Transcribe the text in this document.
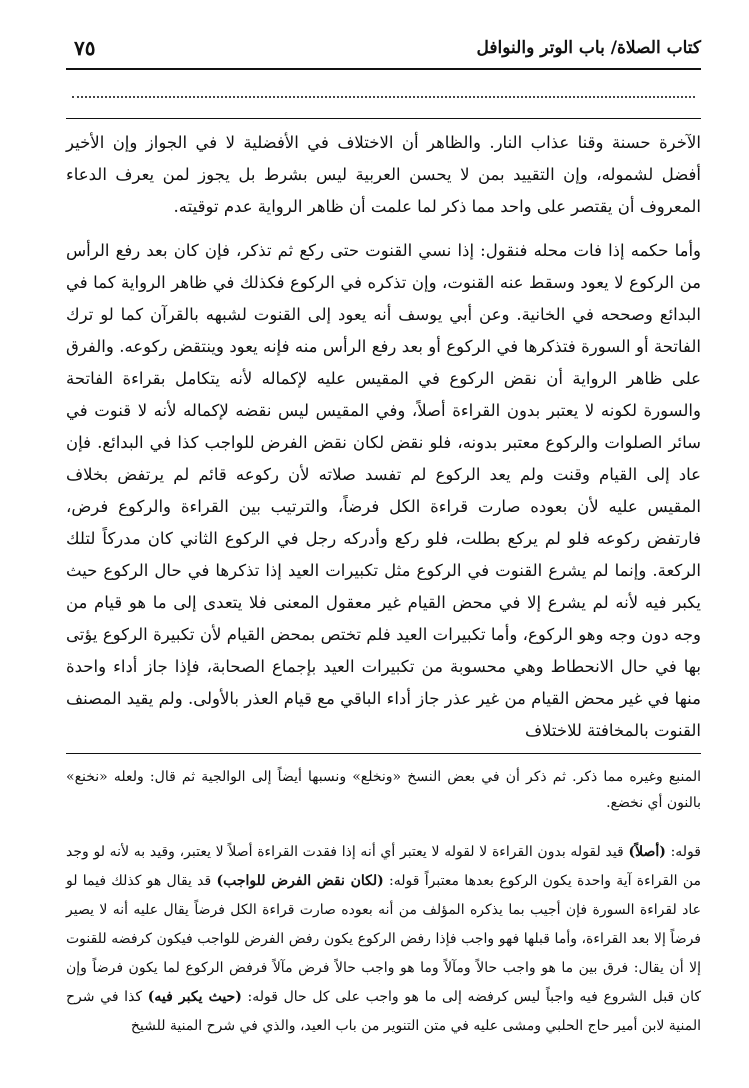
كتاب الصلاة/ باب الوتر والنوافل
٧٥

الآخرة حسنة وقنا عذاب النار. والظاهر أن الاختلاف في الأفضلية لا في الجواز وإن الأخير أفضل لشموله، وإن التقييد بمن لا يحسن العربية ليس بشرط بل يجوز لمن يعرف الدعاء المعروف أن يقتصر على واحد مما ذكر لما علمت أن ظاهر الرواية عدم توقيته.

وأما حكمه إذا فات محله فنقول: إذا نسي القنوت حتى ركع ثم تذكر، فإن كان بعد رفع الرأس من الركوع لا يعود وسقط عنه القنوت، وإن تذكره في الركوع فكذلك في ظاهر الرواية كما في البدائع وصححه في الخانية. وعن أبي يوسف أنه يعود إلى القنوت لشبهه بالقرآن كما لو ترك الفاتحة أو السورة فتذكرها في الركوع أو بعد رفع الرأس منه فإنه يعود وينتقض ركوعه. والفرق على ظاهر الرواية أن نقض الركوع في المقيس عليه لإكماله لأنه يتكامل بقراءة الفاتحة والسورة لكونه لا يعتبر بدون القراءة أصلاً، وفي المقيس ليس نقضه لإكماله لأنه لا قنوت في سائر الصلوات والركوع معتبر بدونه، فلو نقض لكان نقض الفرض للواجب كذا في البدائع. فإن عاد إلى القيام وقنت ولم يعد الركوع لم تفسد صلاته لأن ركوعه قائم لم يرتفض بخلاف المقيس عليه لأن بعوده صارت قراءة الكل فرضاً، والترتيب بين القراءة والركوع فرض، فارتفض ركوعه فلو لم يركع بطلت، فلو ركع وأدركه رجل في الركوع الثاني كان مدركاً لتلك الركعة. وإنما لم يشرع القنوت في الركوع مثل تكبيرات العيد إذا تذكرها في حال الركوع حيث يكبر فيه لأنه لم يشرع إلا في محض القيام غير معقول المعنى فلا يتعدى إلى ما هو قيام من وجه دون وجه وهو الركوع، وأما تكبيرات العيد فلم تختص بمحض القيام لأن تكبيرة الركوع يؤتى بها في حال الانحطاط وهي محسوبة من تكبيرات العيد بإجماع الصحابة، فإذا جاز أداء واحدة منها في غير محض القيام من غير عذر جاز أداء الباقي مع قيام العذر بالأولى. ولم يقيد المصنف القنوت بالمخافتة للاختلاف

المنبع وغيره مما ذكر. ثم ذكر أن في بعض النسخ «ونخلع» ونسبها أيضاً إلى الوالجية ثم قال: ولعله «نخنع» بالنون أي نخضع.

قوله: (أصلاً) قيد لقوله بدون القراءة لا لقوله لا يعتبر أي أنه إذا فقدت القراءة أصلاً لا يعتبر، وقيد به لأنه لو وجد من القراءة آية واحدة يكون الركوع بعدها معتبراً قوله: (لكان نقض الفرض للواجب) قد يقال هو كذلك فيما لو عاد لقراءة السورة فإن أجيب بما يذكره المؤلف من أنه بعوده صارت قراءة الكل فرضاً يقال عليه أنه لا يصير فرضاً إلا بعد القراءة، وأما قبلها فهو واجب فإذا رفض الركوع يكون رفض الفرض للواجب فيكون كرفضه للقنوت إلا أن يقال: فرق بين ما هو واجب حالاً ومآلاً وما هو واجب حالاً فرض مآلاً فرفض الركوع لما يكون فرضاً وإن كان قبل الشروع فيه واجباً ليس كرفضه إلى ما هو واجب على كل حال قوله: (حيث يكبر فيه) كذا في شرح المنية لابن أمير حاج الحلبي ومشى عليه في متن التنوير من باب العيد، والذي في شرح المنية للشيخ
